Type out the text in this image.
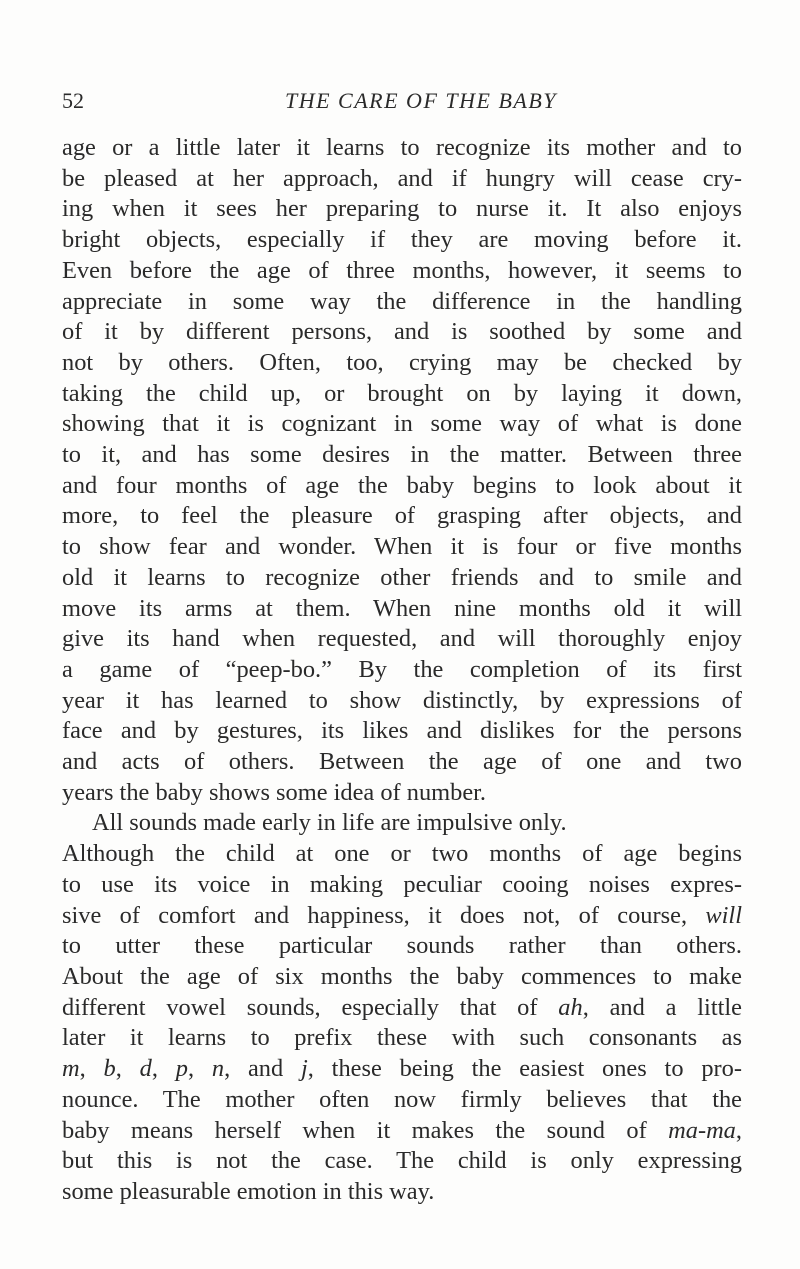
52	THE CARE OF THE BABY

age or a little later it learns to recognize its mother and to
be pleased at her approach, and if hungry will cease cry-
ing when it sees her preparing to nurse it. It also enjoys
bright objects, especially if they are moving before it.
Even before the age of three months, however, it seems to
appreciate in some way the difference in the handling
of it by different persons, and is soothed by some and
not by others. Often, too, crying may be checked by
taking the child up, or brought on by laying it down,
showing that it is cognizant in some way of what is done
to it, and has some desires in the matter. Between three
and four months of age the baby begins to look about it
more, to feel the pleasure of grasping after objects, and
to show fear and wonder. When it is four or five months
old it learns to recognize other friends and to smile and
move its arms at them. When nine months old it will
give its hand when requested, and will thoroughly enjoy
a game of “peep-bo.” By the completion of its first
year it has learned to show distinctly, by expressions of
face and by gestures, its likes and dislikes for the persons
and acts of others. Between the age of one and two
years the baby shows some idea of number.

All sounds made early in life are impulsive only.
Although the child at one or two months of age begins
to use its voice in making peculiar cooing noises expres-
sive of comfort and happiness, it does not, of course, will
to utter these particular sounds rather than others.
About the age of six months the baby commences to make
different vowel sounds, especially that of ah, and a little
later it learns to prefix these with such consonants as
m, b, d, p, n, and j, these being the easiest ones to pro-
nounce. The mother often now firmly believes that the
baby means herself when it makes the sound of ma-ma,
but this is not the case. The child is only expressing
some pleasurable emotion in this way.
